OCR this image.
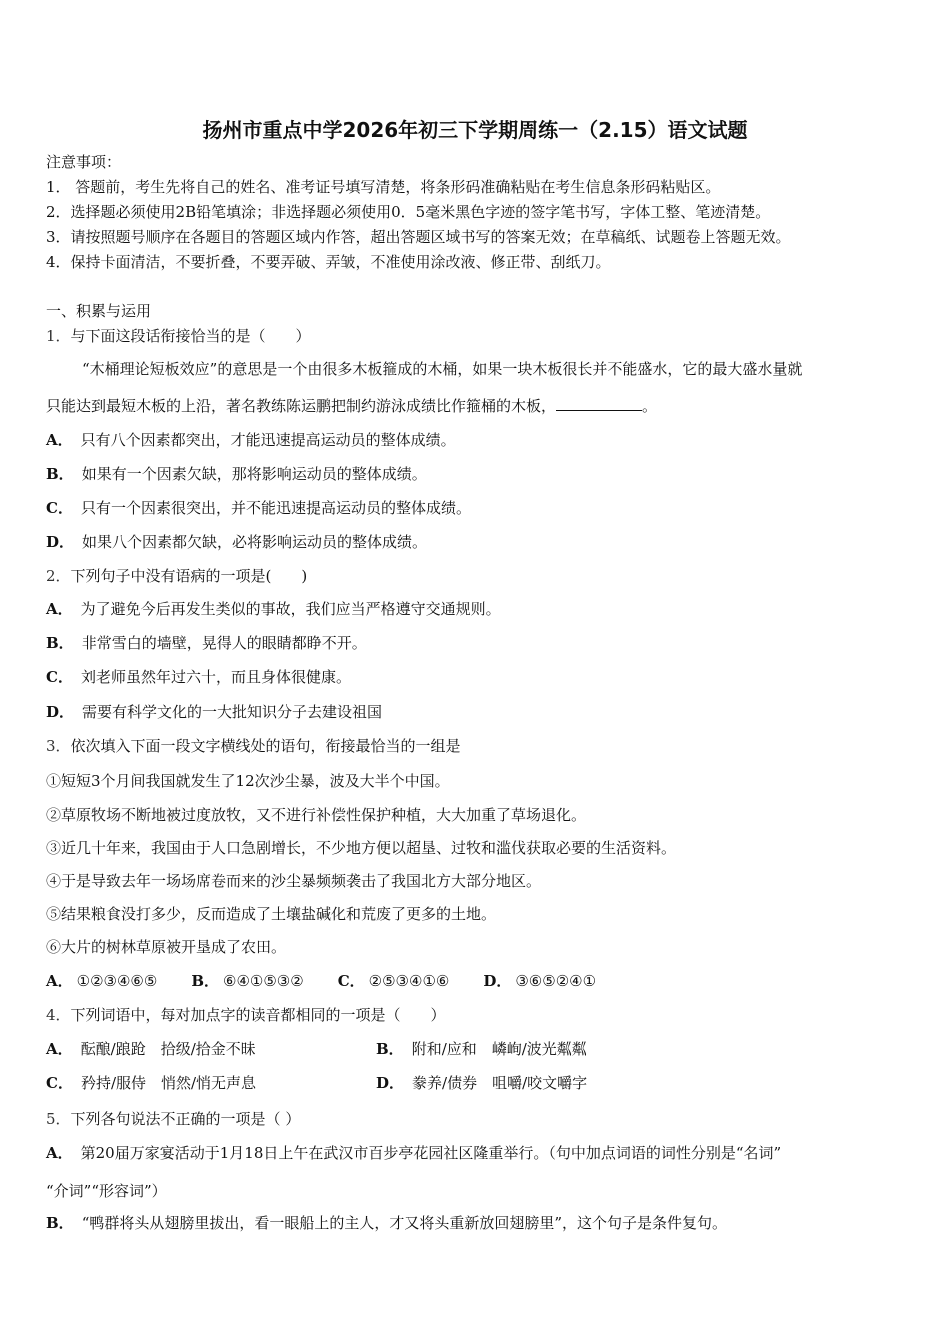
扬州市重点中学2026年初三下学期周练一（2.15）语文试题
注意事项：
1． 答题前，考生先将自己的姓名、准考证号填写清楚，将条形码准确粘贴在考生信息条形码粘贴区。
2．选择题必须使用2B铅笔填涂；非选择题必须使用0．5毫米黑色字迹的签字笔书写，字体工整、笔迹清楚。
3．请按照题号顺序在各题目的答题区域内作答，超出答题区域书写的答案无效；在草稿纸、试题卷上答题无效。
4．保持卡面清洁，不要折叠，不要弄破、弄皱，不准使用涂改液、修正带、刮纸刀。
一、积累与运用
1．与下面这段话衔接恰当的是（　　）
“木桶理论短板效应”的意思是一个由很多木板箍成的木桶，如果一块木板很长并不能盛水，它的最大盛水量就
只能达到最短木板的上沿，著名教练陈运鹏把制约游泳成绩比作箍桶的木板，	。
A． 只有八个因素都突出，才能迅速提高运动员的整体成绩。
B． 如果有一个因素欠缺，那将影响运动员的整体成绩。
C． 只有一个因素很突出，并不能迅速提高运动员的整体成绩。
D． 如果八个因素都欠缺，必将影响运动员的整体成绩。
2．下列句子中没有语病的一项是(　　)
A． 为了避免今后再发生类似的事故，我们应当严格遵守交通规则。
B． 非常雪白的墙壁，晃得人的眼睛都睁不开。
C． 刘老师虽然年过六十，而且身体很健康。
D． 需要有科学文化的一大批知识分子去建设祖国
3．依次填入下面一段文字横线处的语句，衔接最恰当的一组是
①短短3个月间我国就发生了12次沙尘暴，波及大半个中国。
②草原牧场不断地被过度放牧，又不进行补偿性保护种植，大大加重了草场退化。
③近几十年来，我国由于人口急剧增长，不少地方便以超垦、过牧和滥伐获取必要的生活资料。
④于是导致去年一场场席卷而来的沙尘暴频频袭击了我国北方大部分地区。
⑤结果粮食没打多少，反而造成了土壤盐碱化和荒废了更多的土地。
⑥大片的树林草原被开垦成了农田。
A． ①②③④⑥⑤ B． ⑥④①⑤③② C． ②⑤③④①⑥ D． ③⑥⑤②④①
4．下列词语中，每对加点字的读音都相同的一项是（　　）
A． 酝酿/踉跄　拾级/拾金不昧	B． 附和/应和　嶙峋/波光粼粼
C． 矜持/服侍　悄然/悄无声息	D． 豢养/债券　咀嚼/咬文嚼字
5．下列各句说法不正确的一项是（ ）
A． 第20届万家宴活动于1月18日上午在武汉市百步亭花园社区隆重举行。（句中加点词语的词性分别是“名词”
“介词”“形容词”）
B． “鸭群将头从翅膀里拔出，看一眼船上的主人，才又将头重新放回翅膀里”，这个句子是条件复句。
